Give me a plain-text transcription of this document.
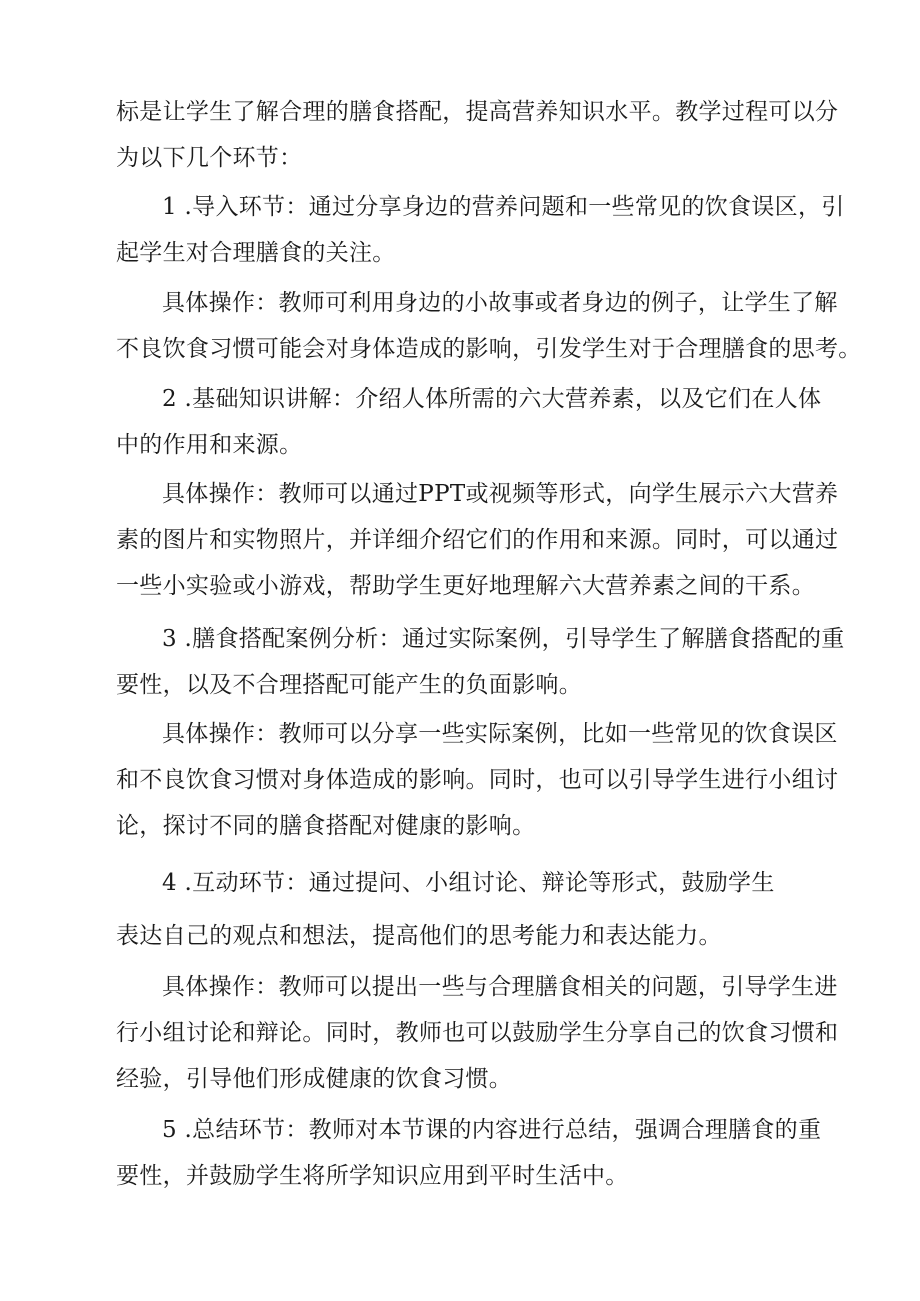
标是让学生了解合理的膳食搭配，提高营养知识水平。教学过程可以分
为以下几个环节：
1 .导入环节：通过分享身边的营养问题和一些常见的饮食误区，引
起学生对合理膳食的关注。
具体操作：教师可利用身边的小故事或者身边的例子，让学生了解
不良饮食习惯可能会对身体造成的影响，引发学生对于合理膳食的思考。
2 .基础知识讲解：介绍人体所需的六大营养素，以及它们在人体
中的作用和来源。
具体操作：教师可以通过PPT或视频等形式，向学生展示六大营养
素的图片和实物照片，并详细介绍它们的作用和来源。同时，可以通过
一些小实验或小游戏，帮助学生更好地理解六大营养素之间的干系。
3 .膳食搭配案例分析：通过实际案例，引导学生了解膳食搭配的重
要性，以及不合理搭配可能产生的负面影响。
具体操作：教师可以分享一些实际案例，比如一些常见的饮食误区
和不良饮食习惯对身体造成的影响。同时，也可以引导学生进行小组讨
论，探讨不同的膳食搭配对健康的影响。
4 .互动环节：通过提问、小组讨论、辩论等形式，鼓励学生
表达自己的观点和想法，提高他们的思考能力和表达能力。
具体操作：教师可以提出一些与合理膳食相关的问题，引导学生进
行小组讨论和辩论。同时，教师也可以鼓励学生分享自己的饮食习惯和
经验，引导他们形成健康的饮食习惯。
5 .总结环节：教师对本节课的内容进行总结，强调合理膳食的重
要性，并鼓励学生将所学知识应用到平时生活中。
